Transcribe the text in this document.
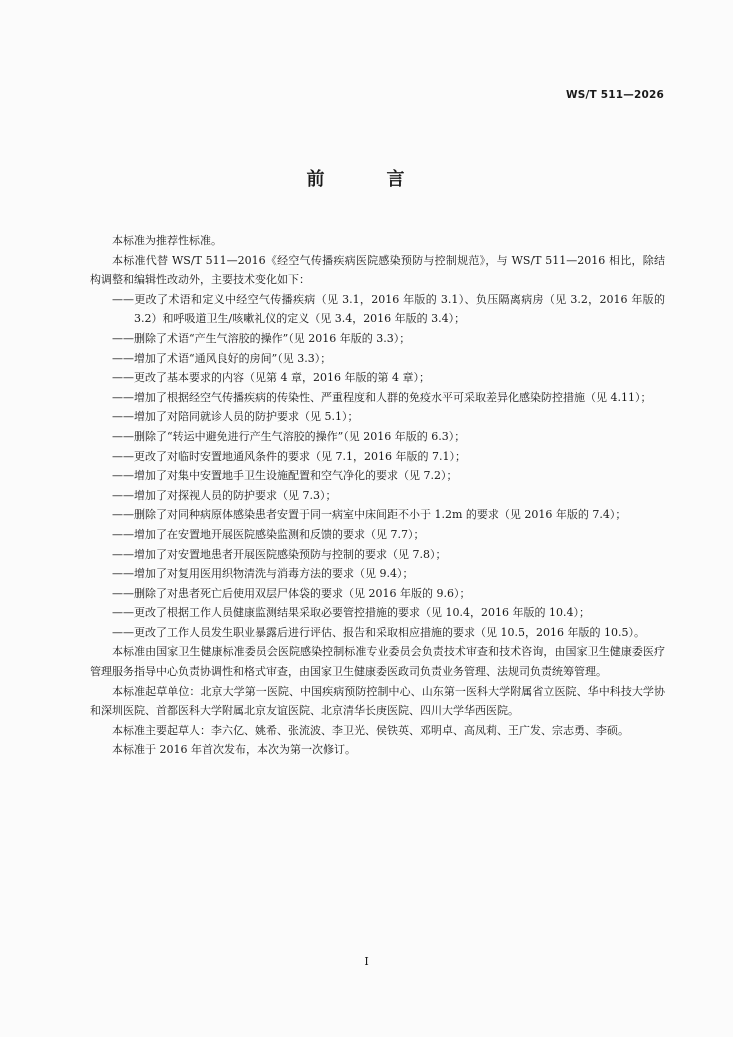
WS/T 511—2026
前　言

本标准为推荐性标准。

本标准代替 WS/T 511—2016《经空气传播疾病医院感染预防与控制规范》，与 WS/T 511—2016 相比，除结构调整和编辑性改动外，主要技术变化如下：

——更改了术语和定义中经空气传播疾病（见 3.1，2016 年版的 3.1）、负压隔离病房（见 3.2，2016 年版的 3.2）和呼吸道卫生/咳嗽礼仪的定义（见 3.4，2016 年版的 3.4）；

——删除了术语“产生气溶胶的操作”（见 2016 年版的 3.3）；

——增加了术语“通风良好的房间”（见 3.3）；

——更改了基本要求的内容（见第 4 章，2016 年版的第 4 章）；

——增加了根据经空气传播疾病的传染性、严重程度和人群的免疫水平可采取差异化感染防控措施（见 4.11）；

——增加了对陪同就诊人员的防护要求（见 5.1）；

——删除了“转运中避免进行产生气溶胶的操作”（见 2016 年版的 6.3）；

——更改了对临时安置地通风条件的要求（见 7.1，2016 年版的 7.1）；

——增加了对集中安置地手卫生设施配置和空气净化的要求（见 7.2）；

——增加了对探视人员的防护要求（见 7.3）；

——删除了对同种病原体感染患者安置于同一病室中床间距不小于 1.2m 的要求（见 2016 年版的 7.4）；

——增加了在安置地开展医院感染监测和反馈的要求（见 7.7）；

——增加了对安置地患者开展医院感染预防与控制的要求（见 7.8）；

——增加了对复用医用织物清洗与消毒方法的要求（见 9.4）；

——删除了对患者死亡后使用双层尸体袋的要求（见 2016 年版的 9.6）；

——更改了根据工作人员健康监测结果采取必要管控措施的要求（见 10.4，2016 年版的 10.4）；

——更改了工作人员发生职业暴露后进行评估、报告和采取相应措施的要求（见 10.5，2016 年版的 10.5）。

本标准由国家卫生健康标准委员会医院感染控制标准专业委员会负责技术审查和技术咨询，由国家卫生健康委医疗管理服务指导中心负责协调性和格式审查，由国家卫生健康委医政司负责业务管理、法规司负责统筹管理。

本标准起草单位：北京大学第一医院、中国疾病预防控制中心、山东第一医科大学附属省立医院、华中科技大学协和深圳医院、首都医科大学附属北京友谊医院、北京清华长庚医院、四川大学华西医院。

本标准主要起草人：李六亿、姚希、张流波、李卫光、侯铁英、邓明卓、高凤莉、王广发、宗志勇、李硕。

本标准于 2016 年首次发布，本次为第一次修订。

I
